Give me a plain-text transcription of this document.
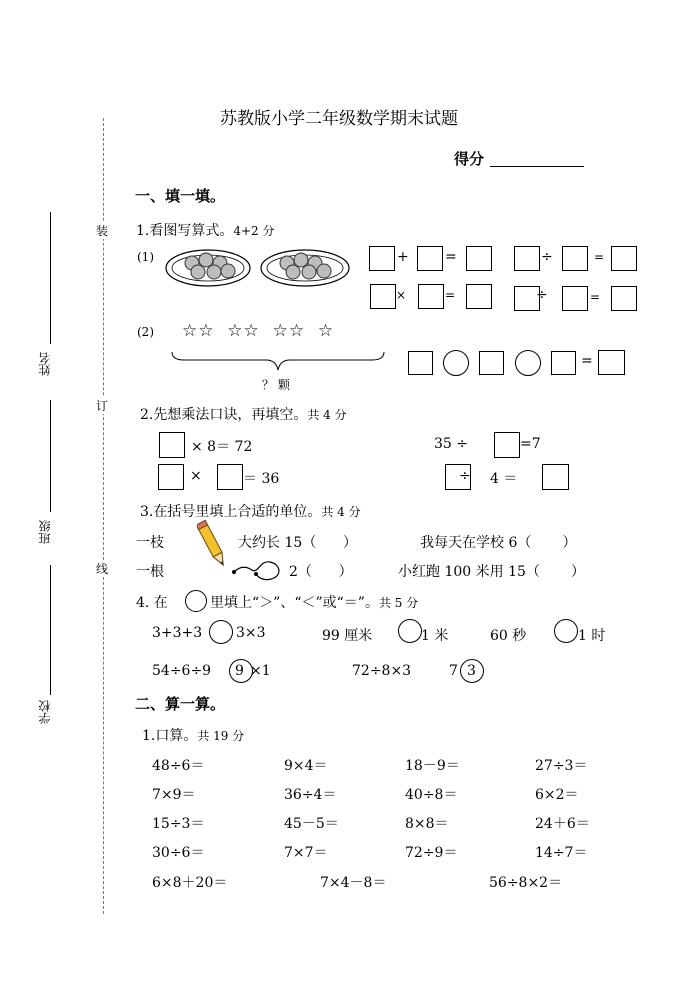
装
订
线
姓名
班级
学校
苏教版小学二年级数学期末试题
得分
一、填一填。
1.看图写算式。4+2 分
(1)	+	=	÷	=
×	=	÷	=
(2) ☆☆  ☆☆  ☆☆  ☆
？ 颗
=
2.先想乘法口诀，再填空。共 4 分
× 8＝ 72	35 ÷	=7
×	＝ 36	÷ 4 ＝
3.在括号里填上合适的单位。共 4 分
一枝	大约长 15（      ）	我每天在学校 6（       ）
一根	2（      ）	小红跑 100 米用 15（       ）
4. 在	里填上“＞”、“＜”或“＝”。共 5 分
3+3+3 3×3	99 厘米	1 米	60 秒	1 时
54÷6÷9 9 ×1	72÷8×3	7 3
二、算一算。
1.口算。共 19 分
48÷6＝	9×4＝	18－9＝	27÷3＝
7×9＝	36÷4＝	40÷8＝	6×2＝
15÷3＝	45－5＝	8×8＝	24＋6＝
30÷6＝	7×7＝	72÷9＝	14÷7＝
6×8＋20＝	7×4－8＝	56÷8×2＝
